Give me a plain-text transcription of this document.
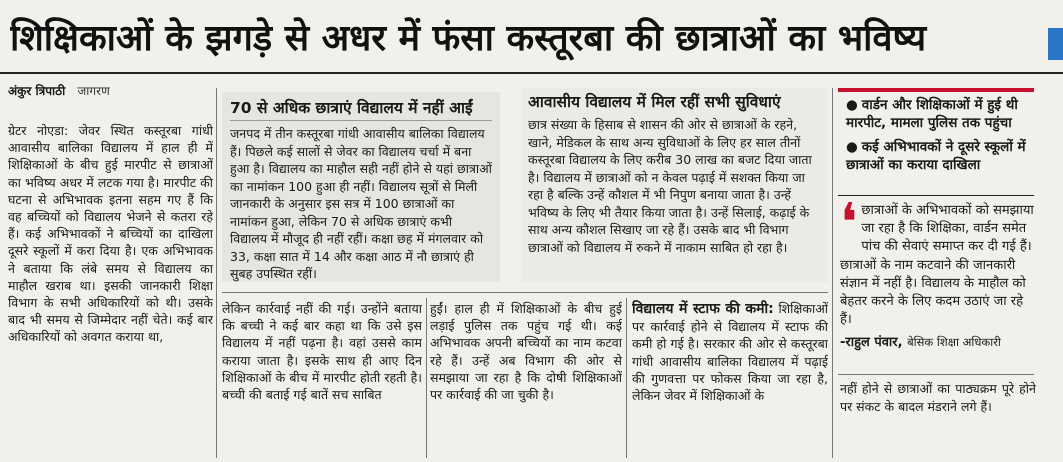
शिक्षिकाओं के झगड़े से अधर में फंसा कस्तूरबा की छात्राओं का भविष्य
अंकुर त्रिपाठी जागरण
ग्रेटर नोएडा: जेवर स्थित कस्तूरबा गांधी आवासीय बालिका विद्यालय में हाल ही में शिक्षिकाओं के बीच हुई मारपीट से छात्राओं का भविष्य अधर में लटक गया है। मारपीट की घटना से अभिभावक इतना सहम गए हैं कि वह बच्चियों को विद्यालय भेजने से कतरा रहे हैं। कई अभिभावकों ने बच्चियों का दाखिला दूसरे स्कूलों में करा दिया है। एक अभिभावक ने बताया कि लंबे समय से विद्यालय का माहौल खराब था। इसकी जानकारी शिक्षा विभाग के सभी अधिकारियों को थी। उसके बाद भी समय से जिम्मेदार नहीं चेते। कई बार अधिकारियों को अवगत कराया था,
70 से अधिक छात्राएं विद्यालय में नहीं आईं

जनपद में तीन कस्तूरबा गांधी आवासीय बालिका विद्यालय हैं। पिछले कई सालों से जेवर का विद्यालय चर्चा में बना हुआ है। विद्यालय का माहौल सही नहीं होने से यहां छात्राओं का नामांकन 100 हुआ ही नहीं। विद्यालय सूत्रों से मिली जानकारी के अनुसार इस सत्र में 100 छात्राओं का नामांकन हुआ, लेकिन 70 से अधिक छात्राएं कभी विद्यालय में मौजूद ही नहीं रहीं। कक्षा छह में मंगलवार को 33, कक्षा सात में 14 और कक्षा आठ में नौ छात्राएं ही सुबह उपस्थित रहीं।

आवासीय विद्यालय में मिल रहीं सभी सुविधाएं

छात्र संख्या के हिसाब से शासन की ओर से छात्राओं के रहने, खाने, मेडिकल के साथ अन्य सुविधाओं के लिए हर साल तीनों कस्तूरबा विद्यालय के लिए करीब 30 लाख का बजट दिया जाता है। विद्यालय में छात्राओं को न केवल पढ़ाई में सशक्त किया जा रहा है बल्कि उन्हें कौशल में भी निपुण बनाया जाता है। उन्हें भविष्य के लिए भी तैयार किया जाता है। उन्हें सिलाई, कढ़ाई के साथ अन्य कौशल सिखाए जा रहे हैं। उसके बाद भी विभाग छात्राओं को विद्यालय में रुकने में नाकाम साबित हो रहा है।

लेकिन कार्रवाई नहीं की गई। उन्होंने बताया कि बच्ची ने कई बार कहा था कि उसे इस विद्यालय में नहीं पढ़ना है। वहां उससे काम कराया जाता है। इसके साथ ही आए दिन शिक्षिकाओं के बीच में मारपीट होती रहती है। बच्ची की बताई गई बातें सच साबित
हुईं। हाल ही में शिक्षिकाओं के बीच हुई लड़ाई पुलिस तक पहुंच गई थी। कई अभिभावक अपनी बच्चियों का नाम कटवा रहे हैं। उन्हें अब विभाग की ओर से समझाया जा रहा है कि दोषी शिक्षिकाओं पर कार्रवाई की जा चुकी है।
विद्यालय में स्टाफ की कमी: शिक्षिकाओं पर कार्रवाई होने से विद्यालय में स्टाफ की कमी हो गई है। सरकार की ओर से कस्तूरबा गांधी आवासीय बालिका विद्यालय में पढ़ाई की गुणवत्ता पर फोकस किया जा रहा है, लेकिन जेवर में शिक्षिकाओं के
● वार्डन और शिक्षिकाओं में हुई थी मारपीट, मामला पुलिस तक पहुंचा
● कई अभिभावकों ने दूसरे स्कूलों में छात्राओं का कराया दाखिला
❛ छात्राओं के अभिभावकों को समझाया जा रहा है कि शिक्षिका, वार्डन समेत पांच की सेवाएं समाप्त कर दी गई हैं। छात्राओं के नाम कटवाने की जानकारी संज्ञान में नहीं है। विद्यालय के माहौल को बेहतर करने के लिए कदम उठाएं जा रहे हैं।
-राहुल पंवार, बेसिक शिक्षा अधिकारी
नहीं होने से छात्राओं का पाठ्यक्रम पूरे होने पर संकट के बादल मंडराने लगे हैं।
